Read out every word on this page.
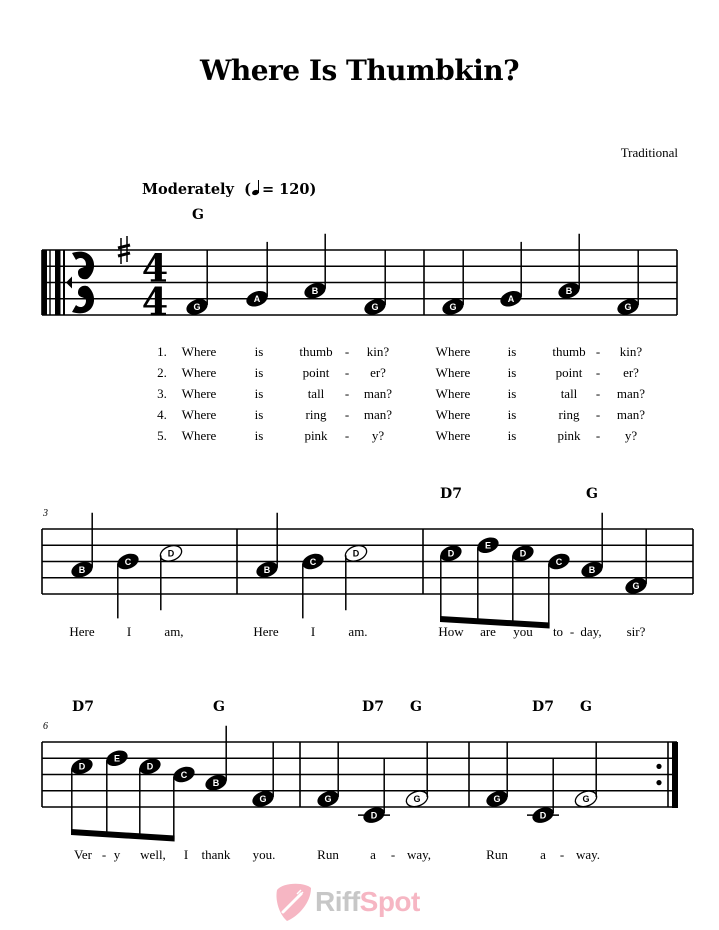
Where Is Thumbkin?
Traditional
Moderately ( = 120)
4
4
G
G
A
B
G	G
A
B
G
1. Where	is	thumb - kin?	Where	is	thumb - kin?
2. Where	is	point - er?	Where	is	point - er?
3. Where	is	tall - man?	Where	is	tall - man?
4. Where	is	ring - man?	Where	is	ring - man?
5. Where	is	pink - y?	Where	is	pink - y?
3
D7	G
B
C
D
B
C
D	D
E
D
C
B
G
Here I	am,	Here I	am.	How are you to - day, sir?
6
D7	G	D7 G	D7 G
D
E
D
C
B
G	G
D
G	G
D
G
Ver - y well, I thank you.	Run a - way,	Run a - way.
RiffSpot
